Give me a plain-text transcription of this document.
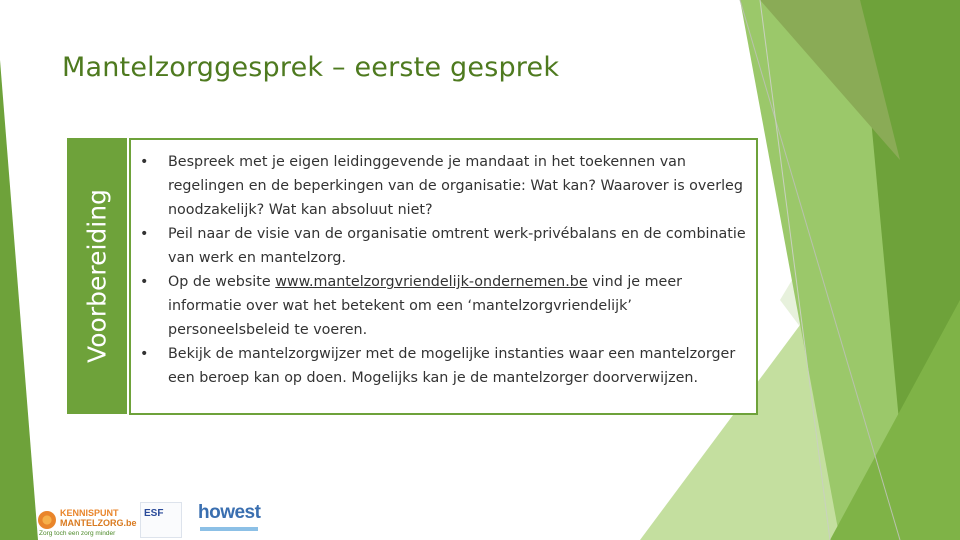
Mantelzorggesprek – eerste gesprek
Voorbereiding
• Bespreek met je eigen leidinggevende je mandaat in het toekennen van regelingen en de beperkingen van de organisatie: Wat kan? Waarover is overleg noodzakelijk? Wat kan absoluut niet?
• Peil naar de visie van de organisatie omtrent werk-privébalans en de combinatie van werk en mantelzorg.
• Op de website www.mantelzorgvriendelijk-ondernemen.be vind je meer informatie over wat het betekent om een ‘mantelzorgvriendelijk’ personeelsbeleid te voeren.
• Bekijk de mantelzorgwijzer met de mogelijke instanties waar een mantelzorger een beroep kan op doen. Mogelijks kan je de mantelzorger doorverwijzen.
KENNISPUNT
MANTELZORG.be
Zorg toch een zorg minder
ESF howest
